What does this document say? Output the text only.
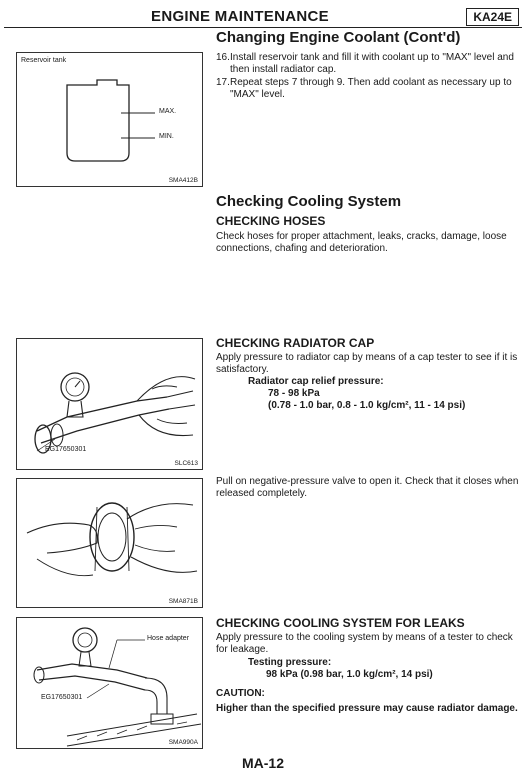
ENGINE MAINTENANCE	KA24E
Changing Engine Coolant (Cont'd)
16. Install reservoir tank and fill it with coolant up to "MAX" level and then install radiator cap.
17. Repeat steps 7 through 9. Then add coolant as necessary up to "MAX" level.
Reservoir tank
MAX.
MIN.
SMA412B
Checking Cooling System
CHECKING HOSES
Check hoses for proper attachment, leaks, cracks, damage, loose connections, chafing and deterioration.
CHECKING RADIATOR CAP
Apply pressure to radiator cap by means of a cap tester to see if it is satisfactory.
Radiator cap relief pressure:
78 - 98 kPa
(0.78 - 1.0 bar, 0.8 - 1.0 kg/cm², 11 - 14 psi)
EG17650301
SLC613
Pull on negative-pressure valve to open it. Check that it closes when released completely.
SMA871B
CHECKING COOLING SYSTEM FOR LEAKS
Apply pressure to the cooling system by means of a tester to check for leakage.
Testing pressure:
98 kPa (0.98 bar, 1.0 kg/cm², 14 psi)
CAUTION:
Higher than the specified pressure may cause radiator damage.
Hose adapter
EG17650301
SMA990A
MA-12
